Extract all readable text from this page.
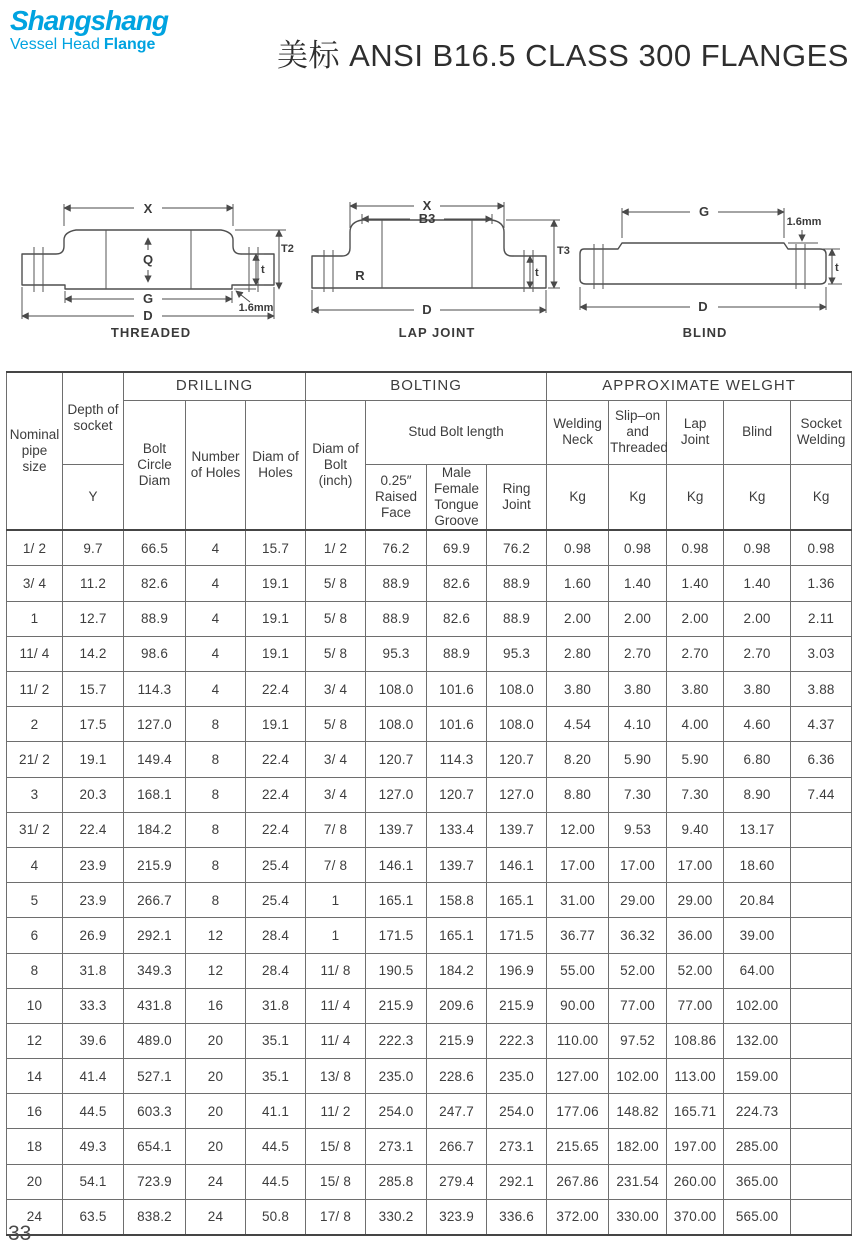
Shangshang
Vessel Head Flange	美标 ANSI B16.5 CLASS 300 FLANGES
X
Q
G
D
t
T2
1.6mm
THREADED
X
B3
R
D
t
T3
LAP JOINT
G
D
1.6mm
t
BLIND
Nominal pipe size	Depth of socket	DRILLING			BOLTING				APPROXIMATE WELGHT				
		Bolt Circle Diam	Number of Holes	Diam of Holes	Diam of Bolt (inch)	Stud Bolt length			Welding Neck	Slip–on and Threaded	Lap Joint	Blind	Socket Welding
	Y					0.25″ Raised Face	Male Female Tongue Groove	Ring Joint	Kg	Kg	Kg	Kg	Kg
1/ 2	9.7	66.5	4	15.7	1/ 2	76.2	69.9	76.2	0.98	0.98	0.98	0.98	0.98
3/ 4	11.2	82.6	4	19.1	5/ 8	88.9	82.6	88.9	1.60	1.40	1.40	1.40	1.36
1	12.7	88.9	4	19.1	5/ 8	88.9	82.6	88.9	2.00	2.00	2.00	2.00	2.11
11/ 4	14.2	98.6	4	19.1	5/ 8	95.3	88.9	95.3	2.80	2.70	2.70	2.70	3.03
11/ 2	15.7	114.3	4	22.4	3/ 4	108.0	101.6	108.0	3.80	3.80	3.80	3.80	3.88
2	17.5	127.0	8	19.1	5/ 8	108.0	101.6	108.0	4.54	4.10	4.00	4.60	4.37
21/ 2	19.1	149.4	8	22.4	3/ 4	120.7	114.3	120.7	8.20	5.90	5.90	6.80	6.36
3	20.3	168.1	8	22.4	3/ 4	127.0	120.7	127.0	8.80	7.30	7.30	8.90	7.44
31/ 2	22.4	184.2	8	22.4	7/ 8	139.7	133.4	139.7	12.00	9.53	9.40	13.17	
4	23.9	215.9	8	25.4	7/ 8	146.1	139.7	146.1	17.00	17.00	17.00	18.60	
5	23.9	266.7	8	25.4	1	165.1	158.8	165.1	31.00	29.00	29.00	20.84	
6	26.9	292.1	12	28.4	1	171.5	165.1	171.5	36.77	36.32	36.00	39.00	
8	31.8	349.3	12	28.4	11/ 8	190.5	184.2	196.9	55.00	52.00	52.00	64.00	
10	33.3	431.8	16	31.8	11/ 4	215.9	209.6	215.9	90.00	77.00	77.00	102.00	
12	39.6	489.0	20	35.1	11/ 4	222.3	215.9	222.3	110.00	97.52	108.86	132.00	
14	41.4	527.1	20	35.1	13/ 8	235.0	228.6	235.0	127.00	102.00	113.00	159.00	
16	44.5	603.3	20	41.1	11/ 2	254.0	247.7	254.0	177.06	148.82	165.71	224.73	
18	49.3	654.1	20	44.5	15/ 8	273.1	266.7	273.1	215.65	182.00	197.00	285.00	
20	54.1	723.9	24	44.5	15/ 8	285.8	279.4	292.1	267.86	231.54	260.00	365.00	
24	63.5	838.2	24	50.8	17/ 8	330.2	323.9	336.6	372.00	330.00	370.00	565.00	
33
